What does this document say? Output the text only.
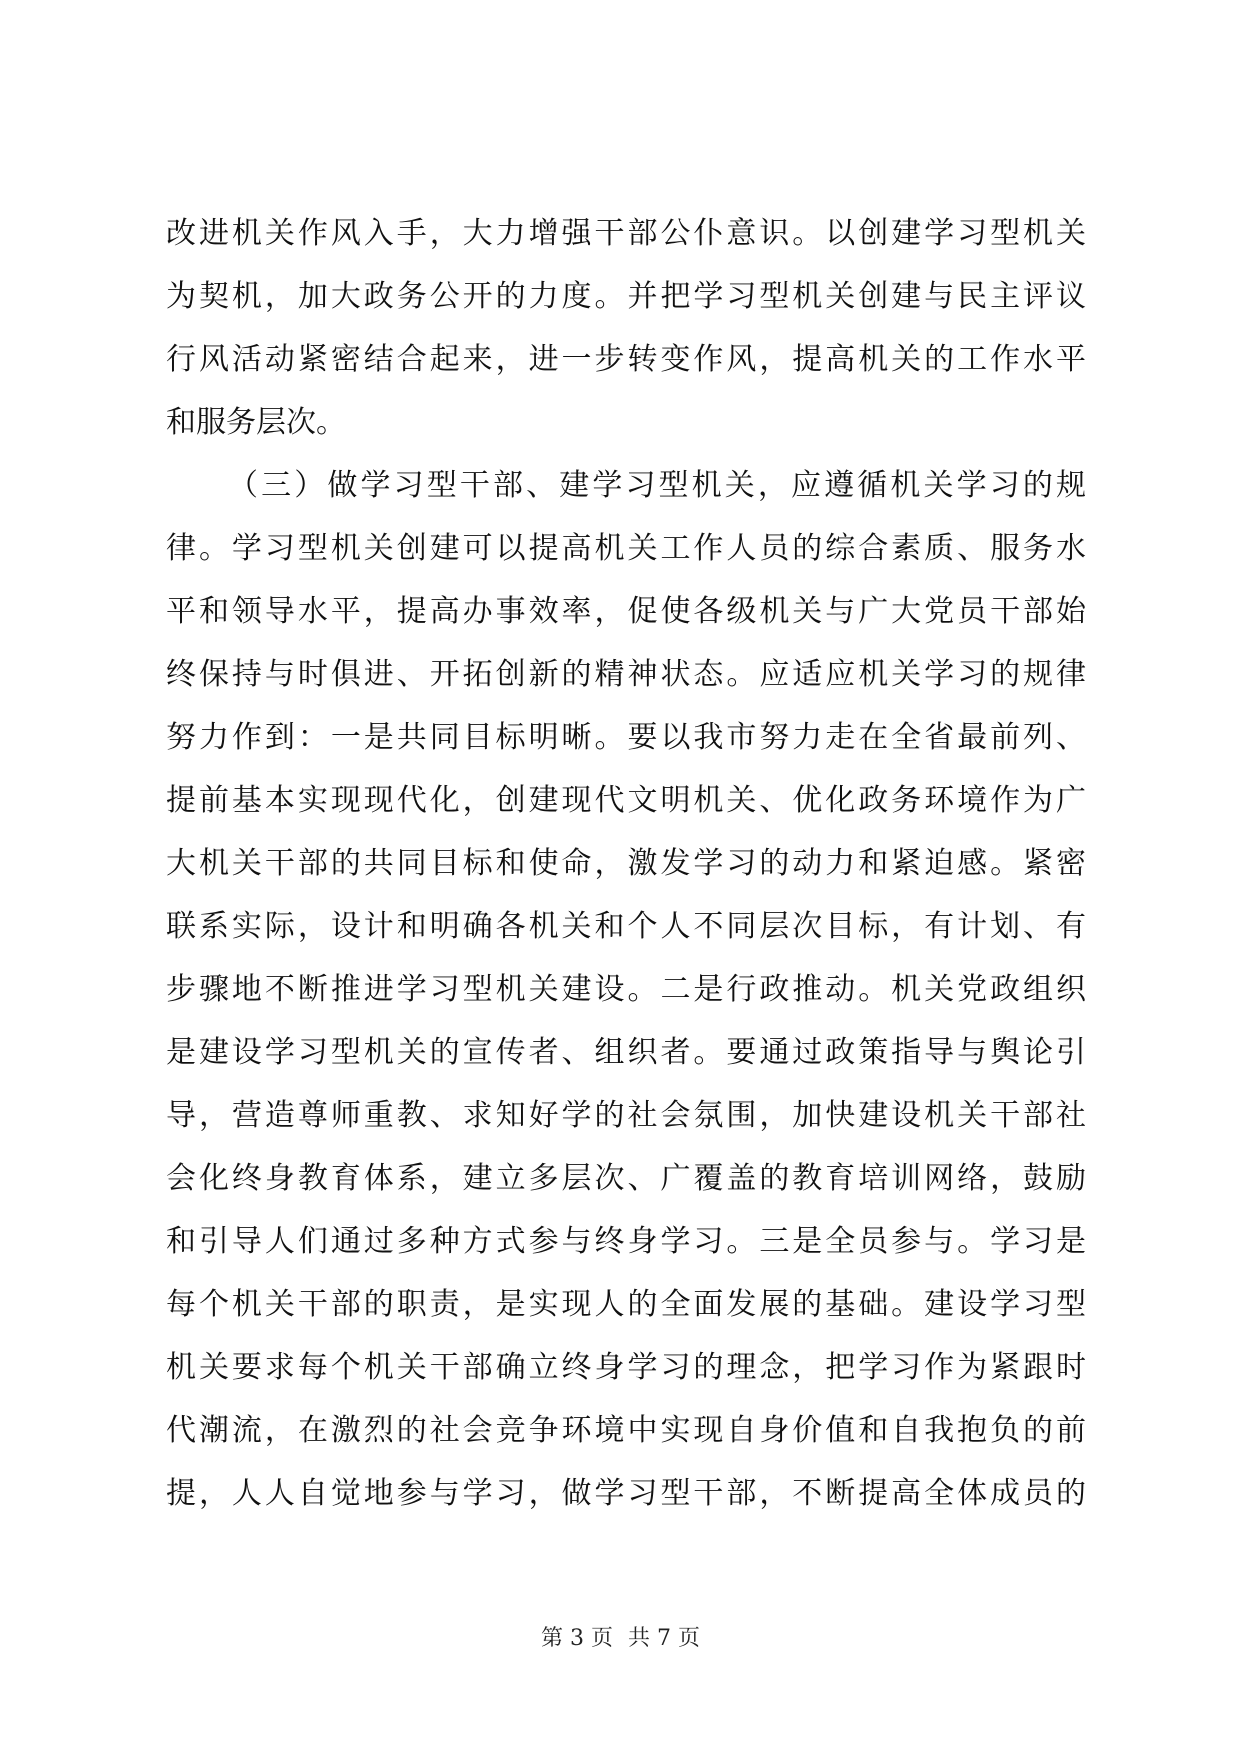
改进机关作风入手，大力增强干部公仆意识。以创建学习型机关
为契机，加大政务公开的力度。并把学习型机关创建与民主评议
行风活动紧密结合起来，进一步转变作风，提高机关的工作水平
和服务层次。
（三）做学习型干部、建学习型机关，应遵循机关学习的规
律。学习型机关创建可以提高机关工作人员的综合素质、服务水
平和领导水平，提高办事效率，促使各级机关与广大党员干部始
终保持与时俱进、开拓创新的精神状态。应适应机关学习的规律
努力作到：一是共同目标明晰。要以我市努力走在全省最前列、
提前基本实现现代化，创建现代文明机关、优化政务环境作为广
大机关干部的共同目标和使命，激发学习的动力和紧迫感。紧密
联系实际，设计和明确各机关和个人不同层次目标，有计划、有
步骤地不断推进学习型机关建设。二是行政推动。机关党政组织
是建设学习型机关的宣传者、组织者。要通过政策指导与舆论引
导，营造尊师重教、求知好学的社会氛围，加快建设机关干部社
会化终身教育体系，建立多层次、广覆盖的教育培训网络，鼓励
和引导人们通过多种方式参与终身学习。三是全员参与。学习是
每个机关干部的职责，是实现人的全面发展的基础。建设学习型
机关要求每个机关干部确立终身学习的理念，把学习作为紧跟时
代潮流，在激烈的社会竞争环境中实现自身价值和自我抱负的前
提，人人自觉地参与学习，做学习型干部，不断提高全体成员的
第 3 页 共 7 页
